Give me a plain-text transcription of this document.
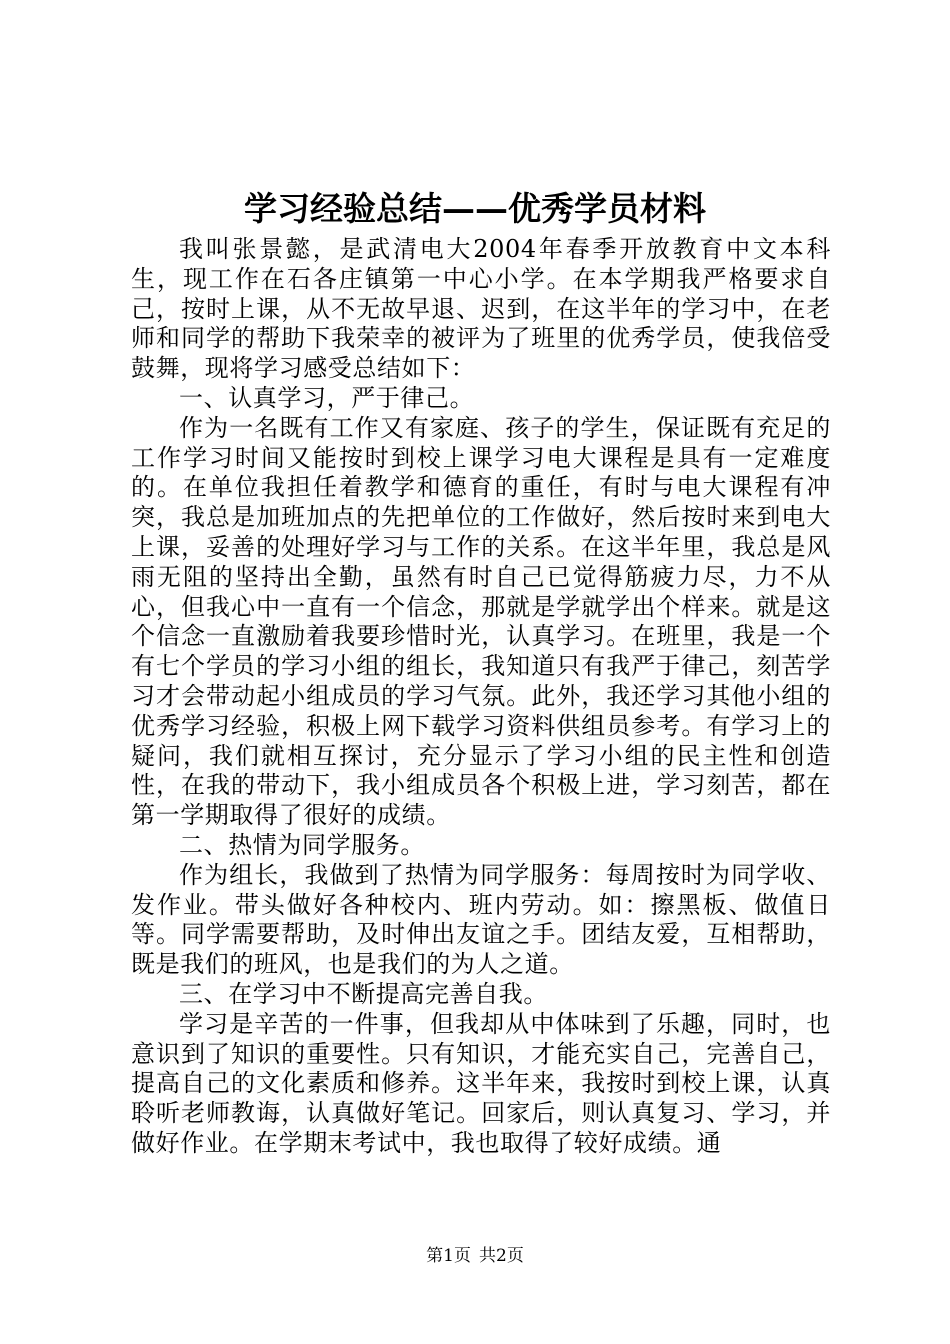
学习经验总结——优秀学员材料

我叫张景懿，是武清电大2004年春季开放教育中文本科生，现工作在石各庄镇第一中心小学。在本学期我严格要求自己，按时上课，从不无故早退、迟到，在这半年的学习中，在老师和同学的帮助下我荣幸的被评为了班里的优秀学员，使我倍受鼓舞，现将学习感受总结如下：

一、认真学习，严于律己。

作为一名既有工作又有家庭、孩子的学生，保证既有充足的工作学习时间又能按时到校上课学习电大课程是具有一定难度的。在单位我担任着教学和德育的重任，有时与电大课程有冲突，我总是加班加点的先把单位的工作做好，然后按时来到电大上课，妥善的处理好学习与工作的关系。在这半年里，我总是风雨无阻的坚持出全勤，虽然有时自己已觉得筋疲力尽，力不从心，但我心中一直有一个信念，那就是学就学出个样来。就是这个信念一直激励着我要珍惜时光，认真学习。在班里，我是一个有七个学员的学习小组的组长，我知道只有我严于律己，刻苦学习才会带动起小组成员的学习气氛。此外，我还学习其他小组的优秀学习经验，积极上网下载学习资料供组员参考。有学习上的疑问，我们就相互探讨，充分显示了学习小组的民主性和创造性，在我的带动下，我小组成员各个积极上进，学习刻苦，都在第一学期取得了很好的成绩。

二、热情为同学服务。

作为组长，我做到了热情为同学服务：每周按时为同学收、发作业。带头做好各种校内、班内劳动。如：擦黑板、做值日等。同学需要帮助，及时伸出友谊之手。团结友爱，互相帮助，既是我们的班风，也是我们的为人之道。

三、在学习中不断提高完善自我。

学习是辛苦的一件事，但我却从中体味到了乐趣，同时，也意识到了知识的重要性。只有知识，才能充实自己，完善自己，提高自己的文化素质和修养。这半年来，我按时到校上课，认真聆听老师教诲，认真做好笔记。回家后，则认真复习、学习，并做好作业。在学期末考试中，我也取得了较好成绩。通

第1页 共2页
